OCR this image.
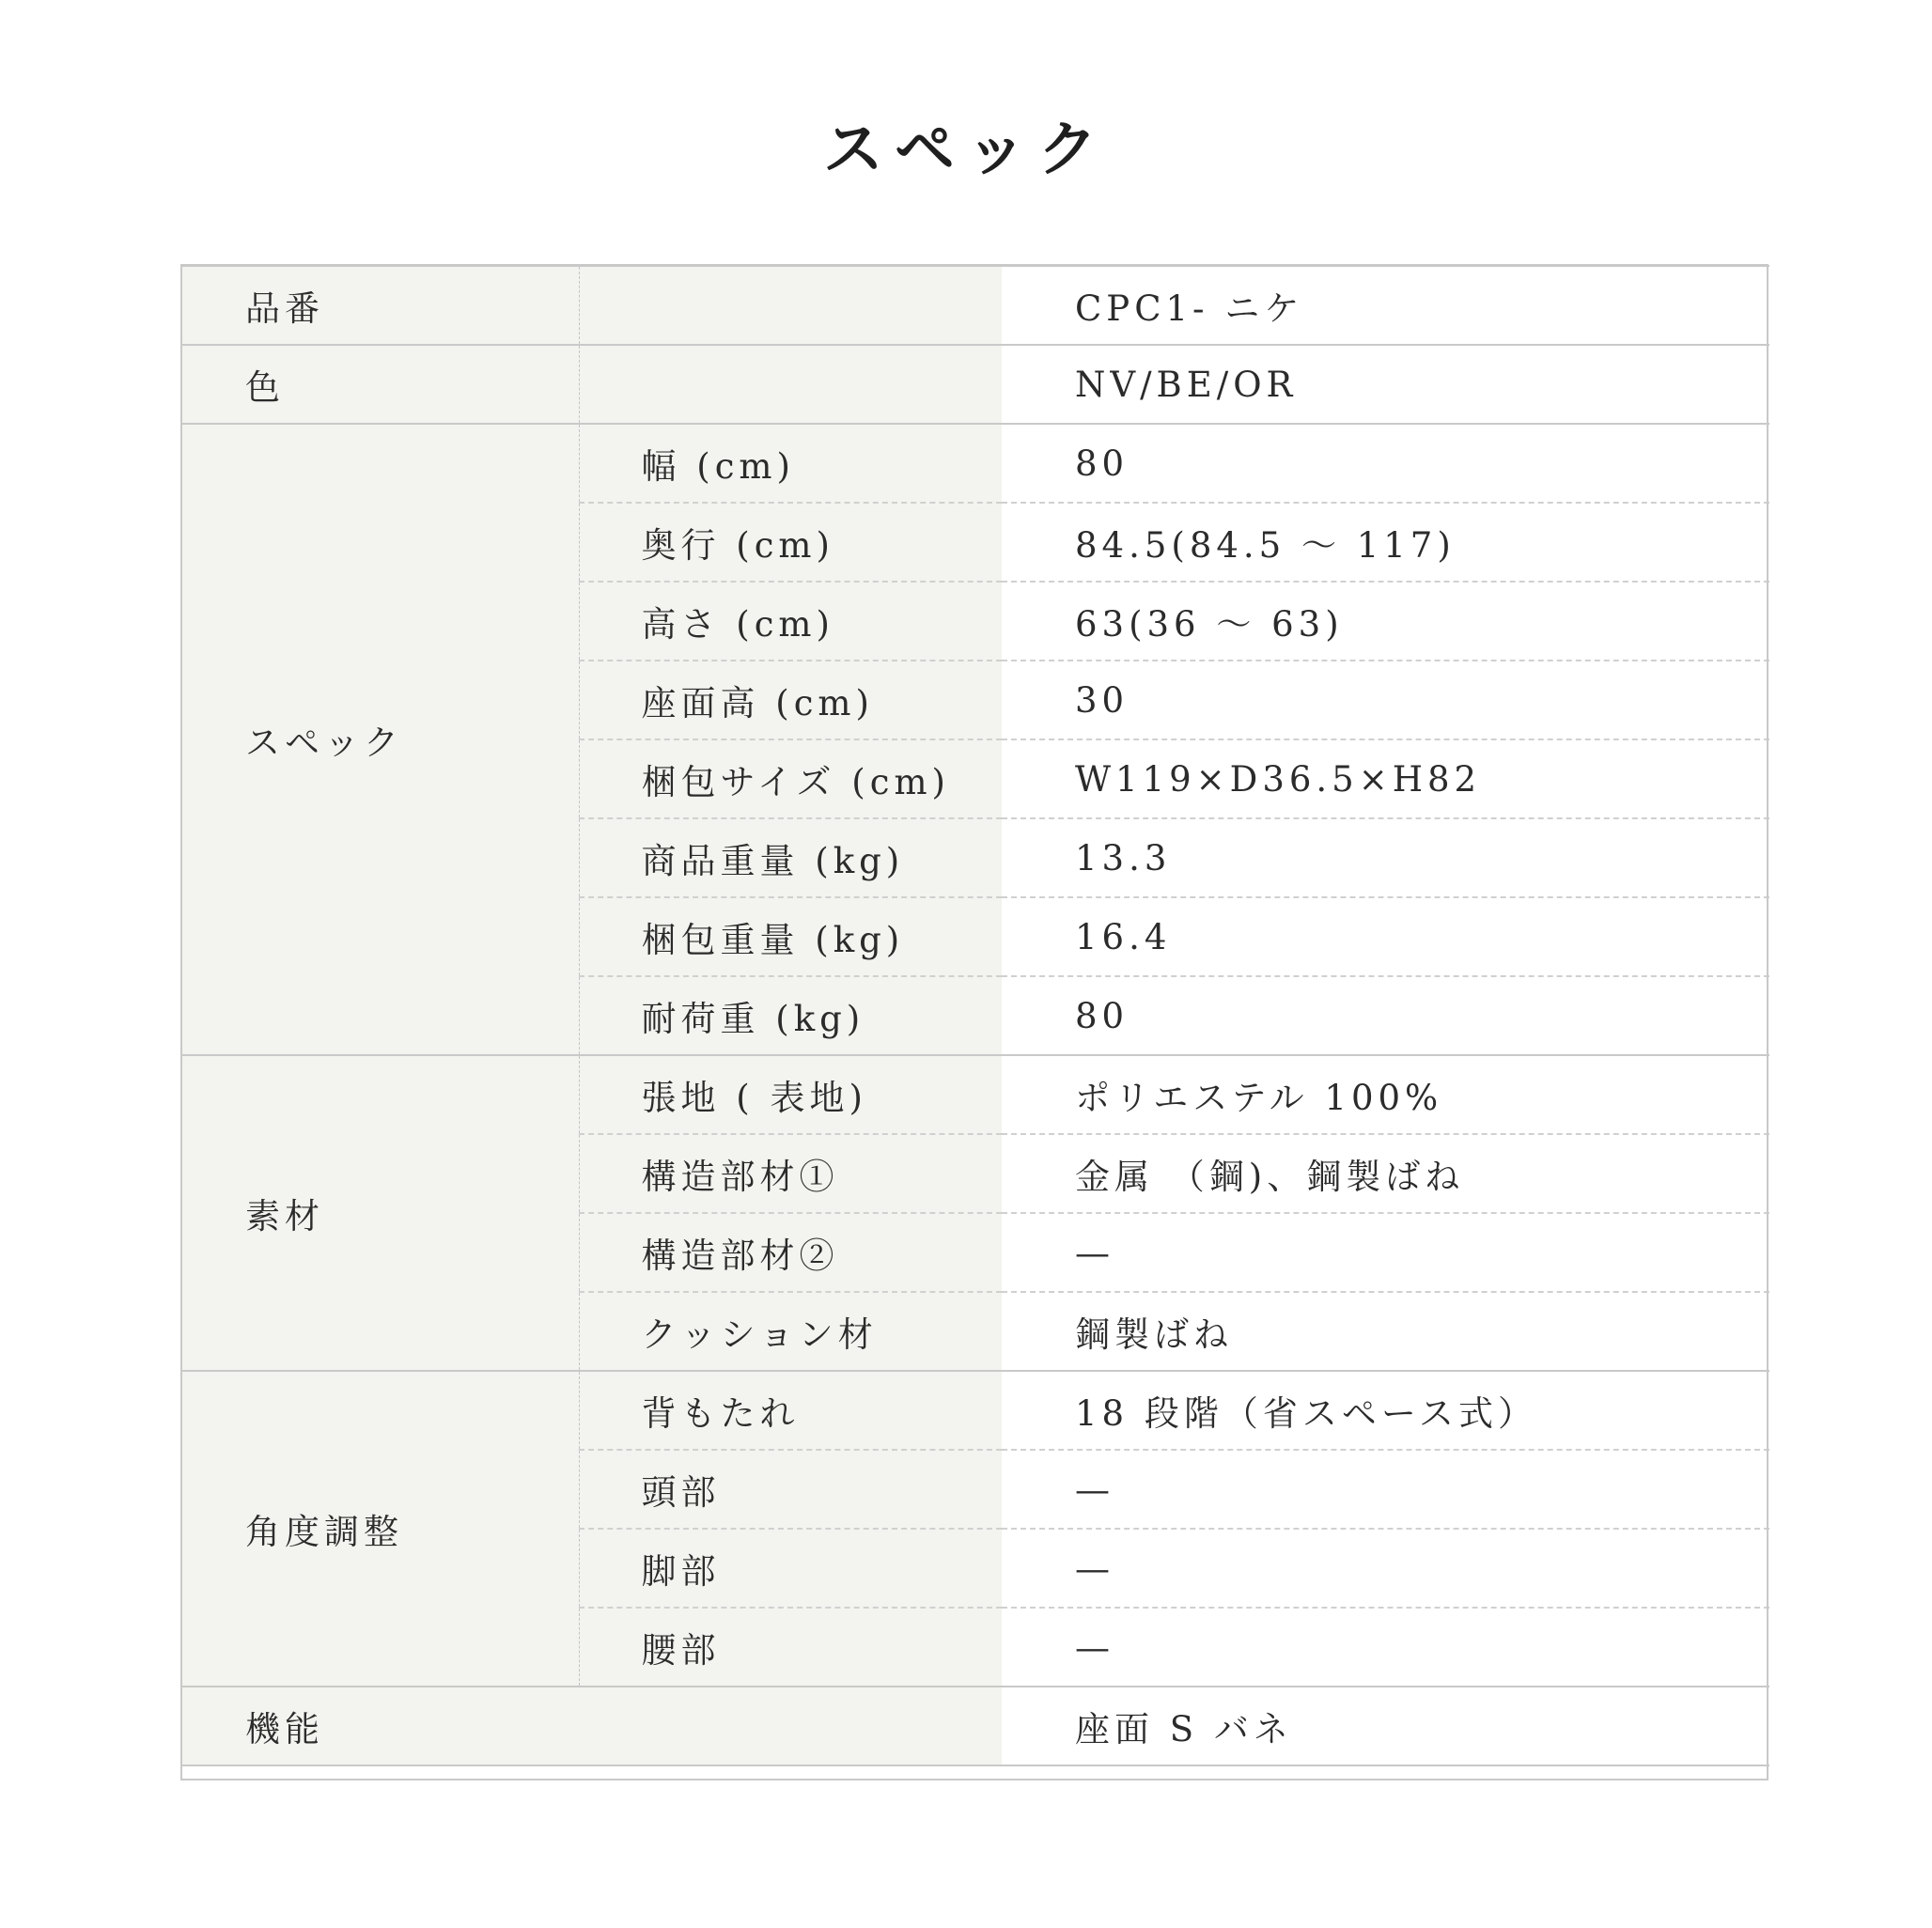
スペック
品番		CPC1- ニケ
色		NV/BE/OR
スペック	幅 (cm)	80
	奥行 (cm)	84.5(84.5 ～ 117)
	高さ (cm)	63(36 ～ 63)
	座面高 (cm)	30
	梱包サイズ (cm)	W119×D36.5×H82
	商品重量 (kg)	13.3
	梱包重量 (kg)	16.4
	耐荷重 (kg)	80
素材	張地 ( 表地)	ポリエステル 100%
	構造部材①	金属 （鋼)、鋼製ばね
	構造部材②	—
	クッション材	鋼製ばね
角度調整	背もたれ	18 段階（省スペース式）
	頭部	—
	脚部	—
	腰部	—
機能		座面 S バネ
